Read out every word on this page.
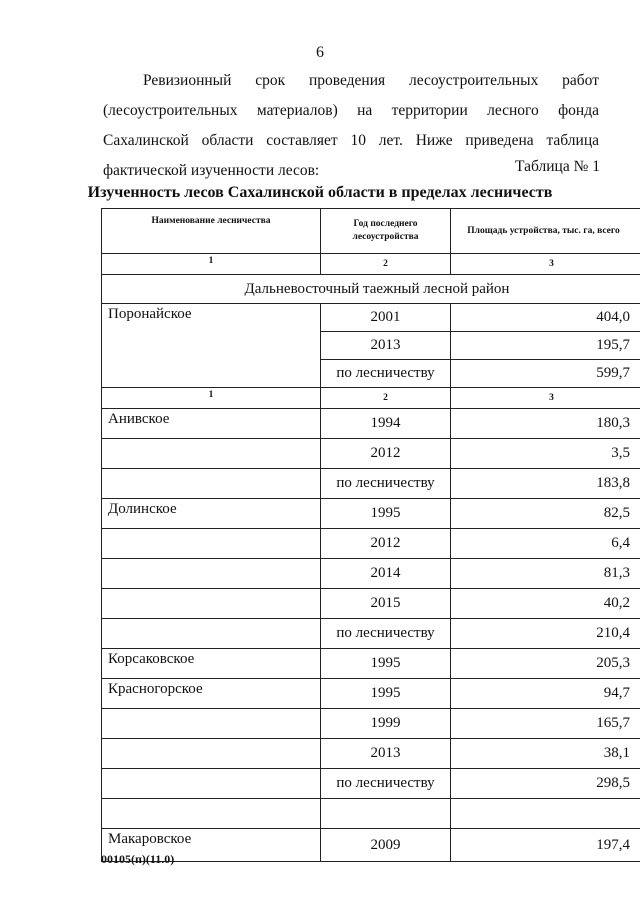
6
Ревизионный срок проведения лесоустроительных работ (лесоустроительных материалов) на территории лесного фонда Сахалинской области составляет 10 лет. Ниже приведена таблица фактической изученности лесов:	Таблица № 1
Изученность лесов Сахалинской области в пределах лесничеств
Наименование лесничества	Год последнего лесоустройства	Площадь устройства, тыс. га, всего
1	2	3
Дальневосточный таежный лесной район		
Поронайское	2001	404,0
	2013	195,7
	по лесничеству	599,7
1	2	3
Анивское	1994	180,3
	2012	3,5
	по лесничеству	183,8
Долинское	1995	82,5
	2012	6,4
	2014	81,3
	2015	40,2
	по лесничеству	210,4
Корсаковское	1995	205,3
Красногорское	1995	94,7
	1999	165,7
	2013	38,1
	по лесничеству	298,5

Макаровское	2009	197,4
00105(п)(11.0)
